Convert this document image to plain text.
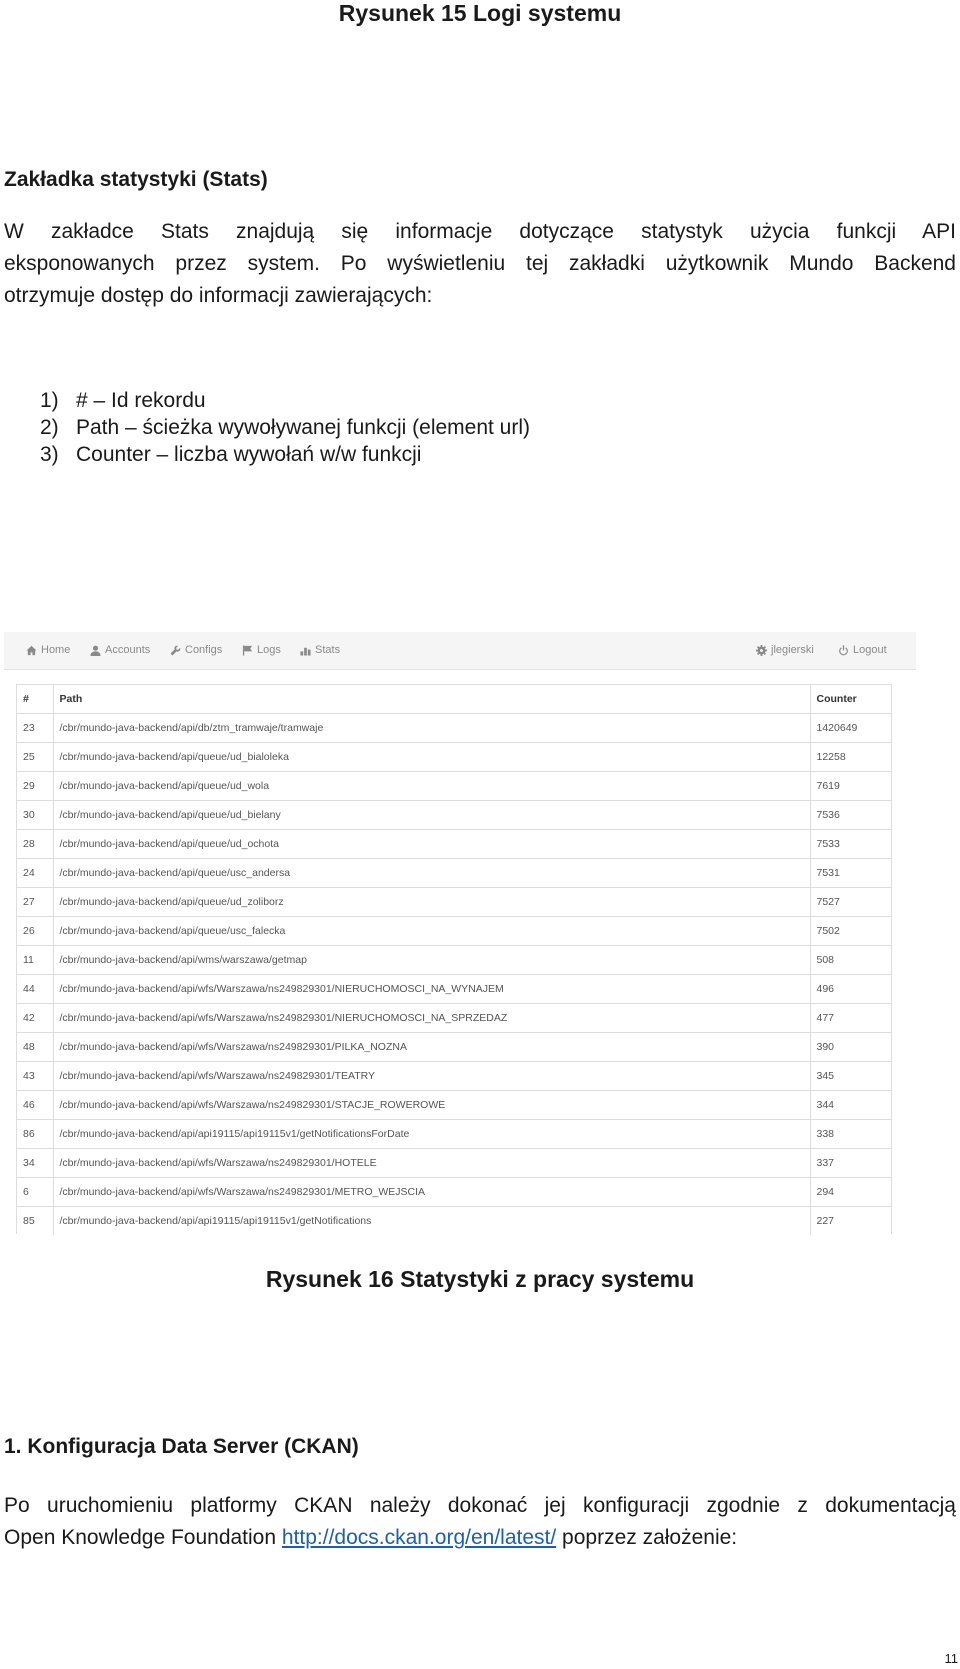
Rysunek 15 Logi systemu
Zakładka statystyki (Stats)
W zakładce Stats znajdują się informacje dotyczące statystyk użycia funkcji API
eksponowanych przez system. Po wyświetleniu tej zakładki użytkownik Mundo Backend
otrzymuje dostęp do informacji zawierających:
1) # – Id rekordu
2) Path – ścieżka wywoływanej funkcji (element url)
3) Counter – liczba wywołań w/w funkcji
Home	Accounts	Configs	Logs	Stats	jlegierski	Logout
#	Path	Counter
23	/cbr/mundo-java-backend/api/db/ztm_tramwaje/tramwaje	1420649
25	/cbr/mundo-java-backend/api/queue/ud_bialoleka	12258
29	/cbr/mundo-java-backend/api/queue/ud_wola	7619
30	/cbr/mundo-java-backend/api/queue/ud_bielany	7536
28	/cbr/mundo-java-backend/api/queue/ud_ochota	7533
24	/cbr/mundo-java-backend/api/queue/usc_andersa	7531
27	/cbr/mundo-java-backend/api/queue/ud_zoliborz	7527
26	/cbr/mundo-java-backend/api/queue/usc_falecka	7502
11	/cbr/mundo-java-backend/api/wms/warszawa/getmap	508
44	/cbr/mundo-java-backend/api/wfs/Warszawa/ns249829301/NIERUCHOMOSCI_NA_WYNAJEM	496
42	/cbr/mundo-java-backend/api/wfs/Warszawa/ns249829301/NIERUCHOMOSCI_NA_SPRZEDAZ	477
48	/cbr/mundo-java-backend/api/wfs/Warszawa/ns249829301/PILKA_NOZNA	390
43	/cbr/mundo-java-backend/api/wfs/Warszawa/ns249829301/TEATRY	345
46	/cbr/mundo-java-backend/api/wfs/Warszawa/ns249829301/STACJE_ROWEROWE	344
86	/cbr/mundo-java-backend/api/api19115/api19115v1/getNotificationsForDate	338
34	/cbr/mundo-java-backend/api/wfs/Warszawa/ns249829301/HOTELE	337
6	/cbr/mundo-java-backend/api/wfs/Warszawa/ns249829301/METRO_WEJSCIA	294
85	/cbr/mundo-java-backend/api/api19115/api19115v1/getNotifications	227
Rysunek 16 Statystyki z pracy systemu
1. Konfiguracja Data Server (CKAN)
Po uruchomieniu platformy CKAN należy dokonać jej konfiguracji zgodnie z dokumentacją
Open Knowledge Foundation http://docs.ckan.org/en/latest/ poprzez założenie:
11
